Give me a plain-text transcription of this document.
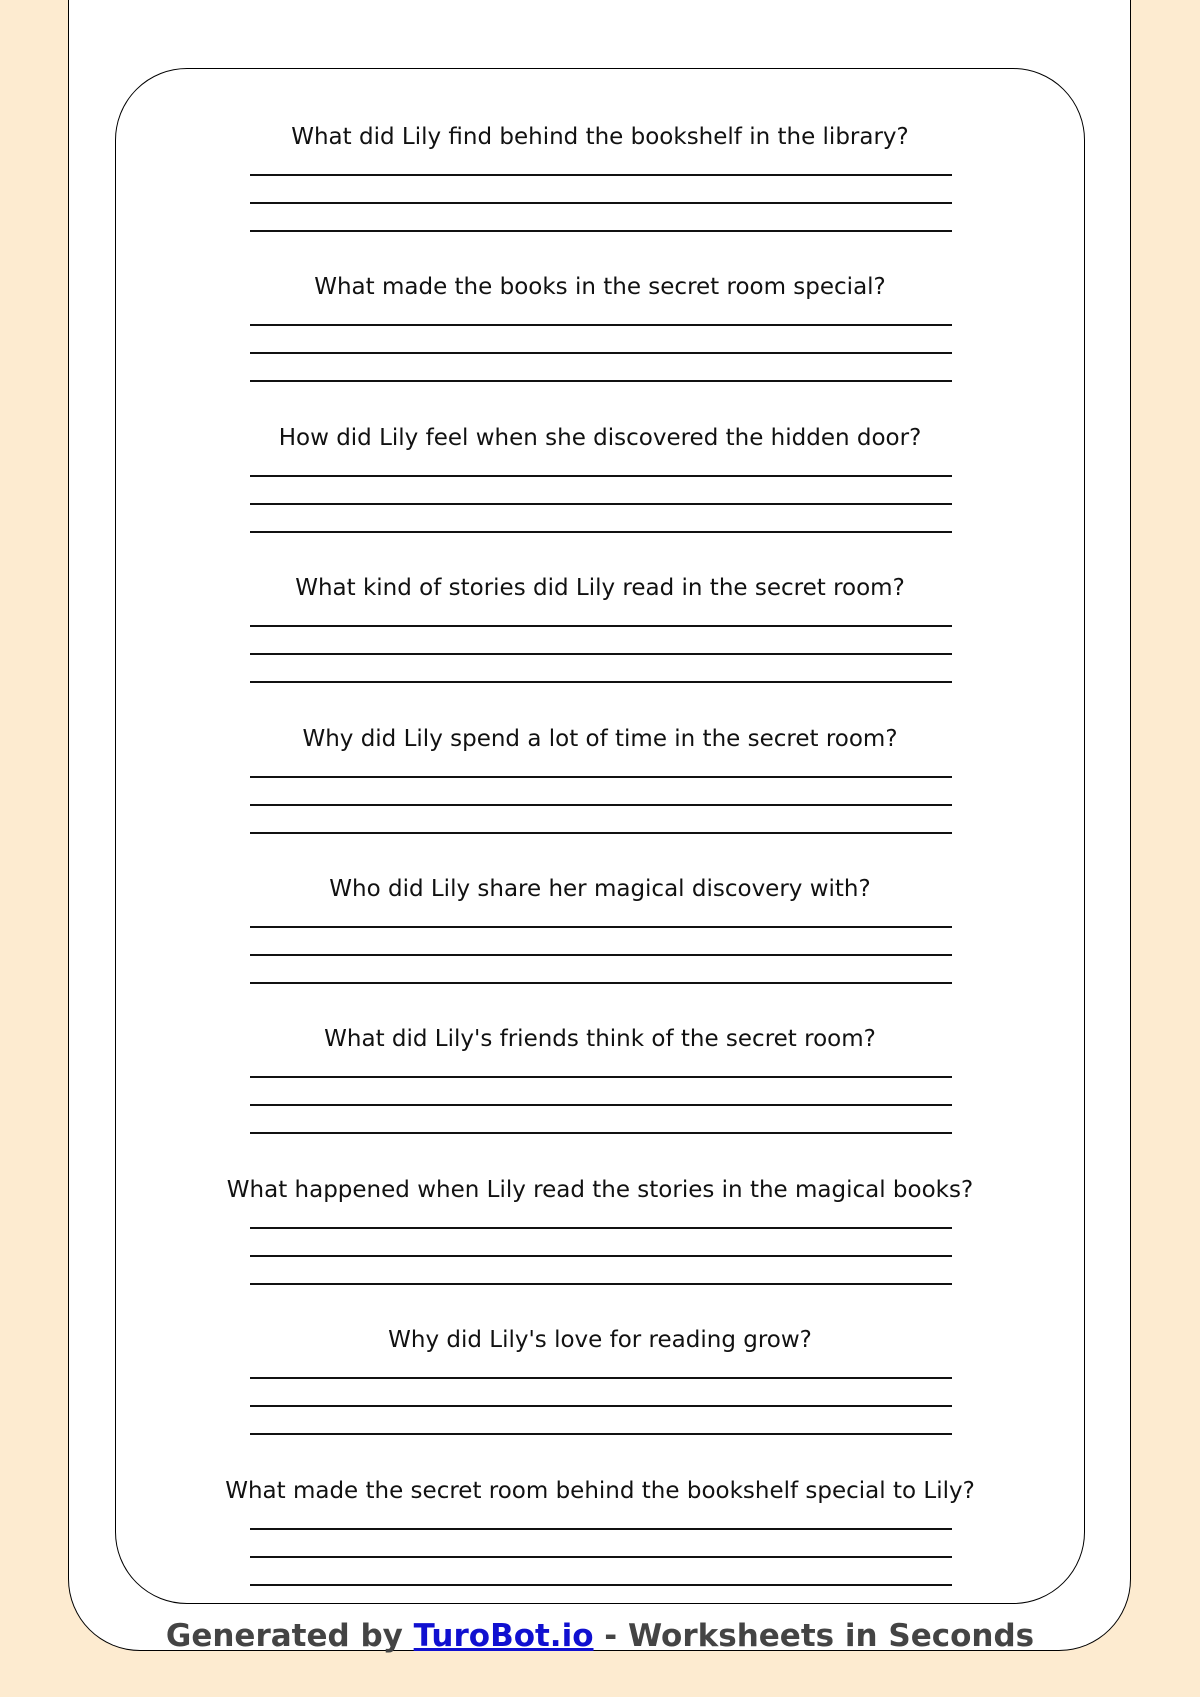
What did Lily find behind the bookshelf in the library?
What made the books in the secret room special?
How did Lily feel when she discovered the hidden door?
What kind of stories did Lily read in the secret room?
Why did Lily spend a lot of time in the secret room?
Who did Lily share her magical discovery with?
What did Lily's friends think of the secret room?
What happened when Lily read the stories in the magical books?
Why did Lily's love for reading grow?
What made the secret room behind the bookshelf special to Lily?
Generated by TuroBot.io - Worksheets in Seconds
